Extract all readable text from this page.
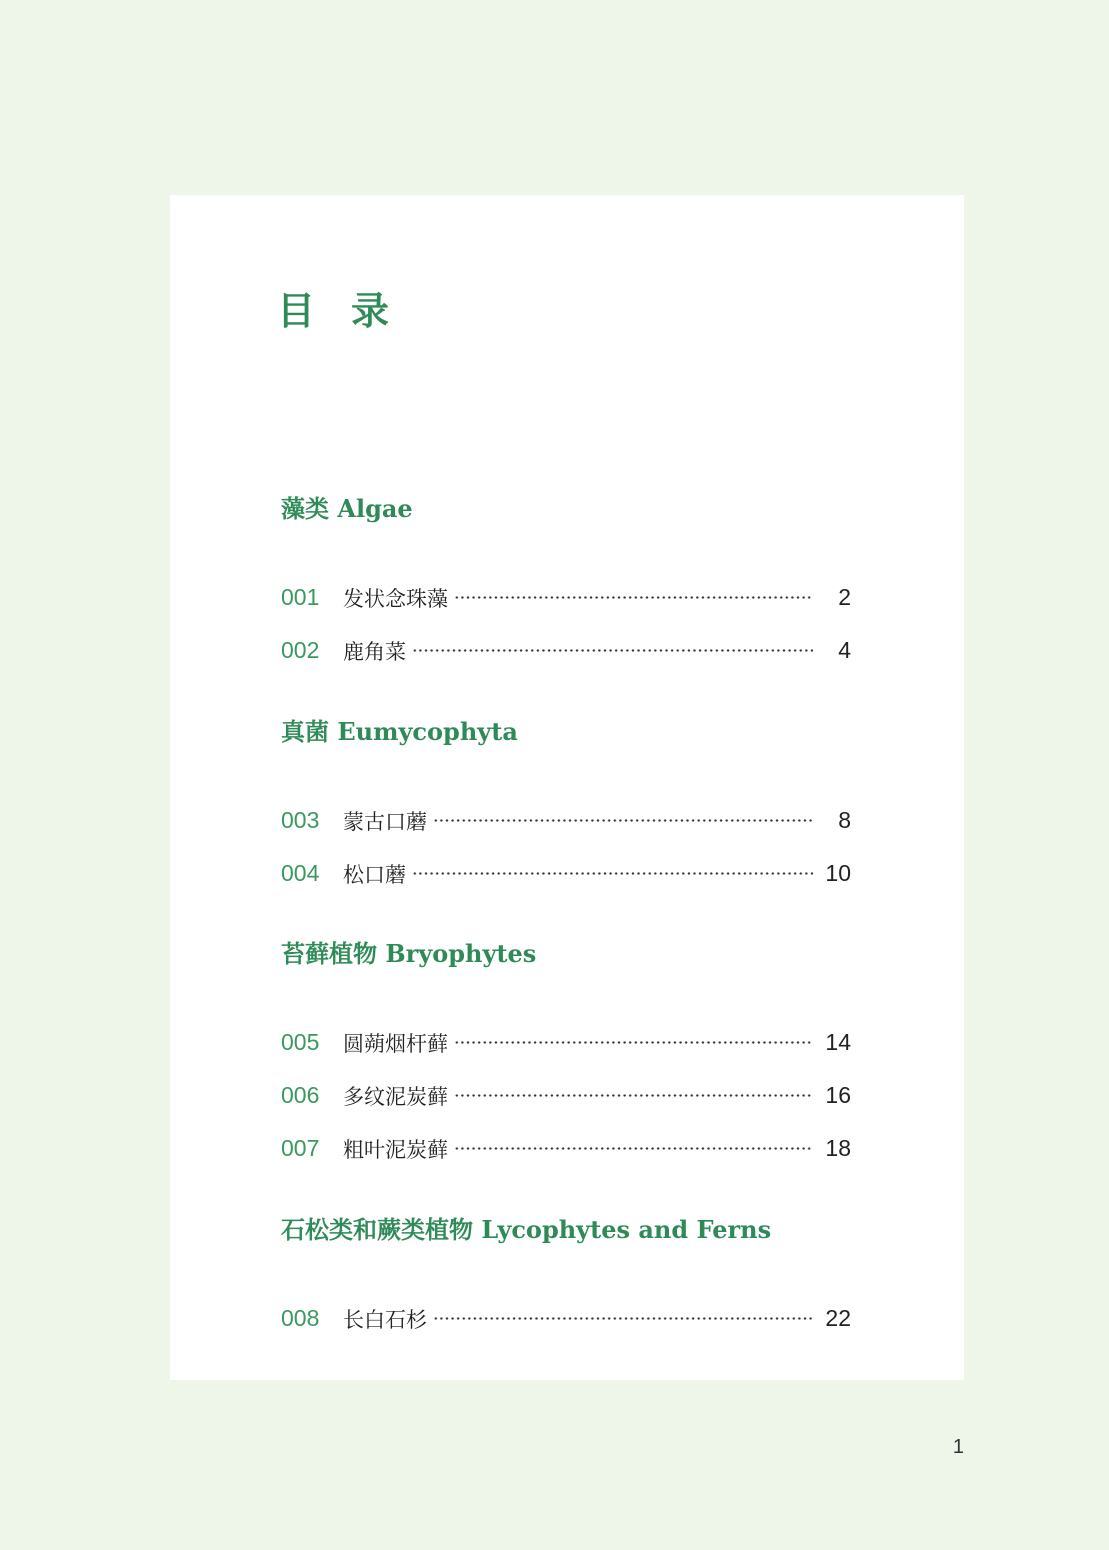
目 录
藻类 Algae
001	发状念珠藻	2
002	鹿角菜	4
真菌 Eumycophyta
003	蒙古口蘑	8
004	松口蘑	10
苔藓植物 Bryophytes
005	圆蒴烟杆藓	14
006	多纹泥炭藓	16
007	粗叶泥炭藓	18
石松类和蕨类植物 Lycophytes and Ferns
008	长白石杉	22
1
